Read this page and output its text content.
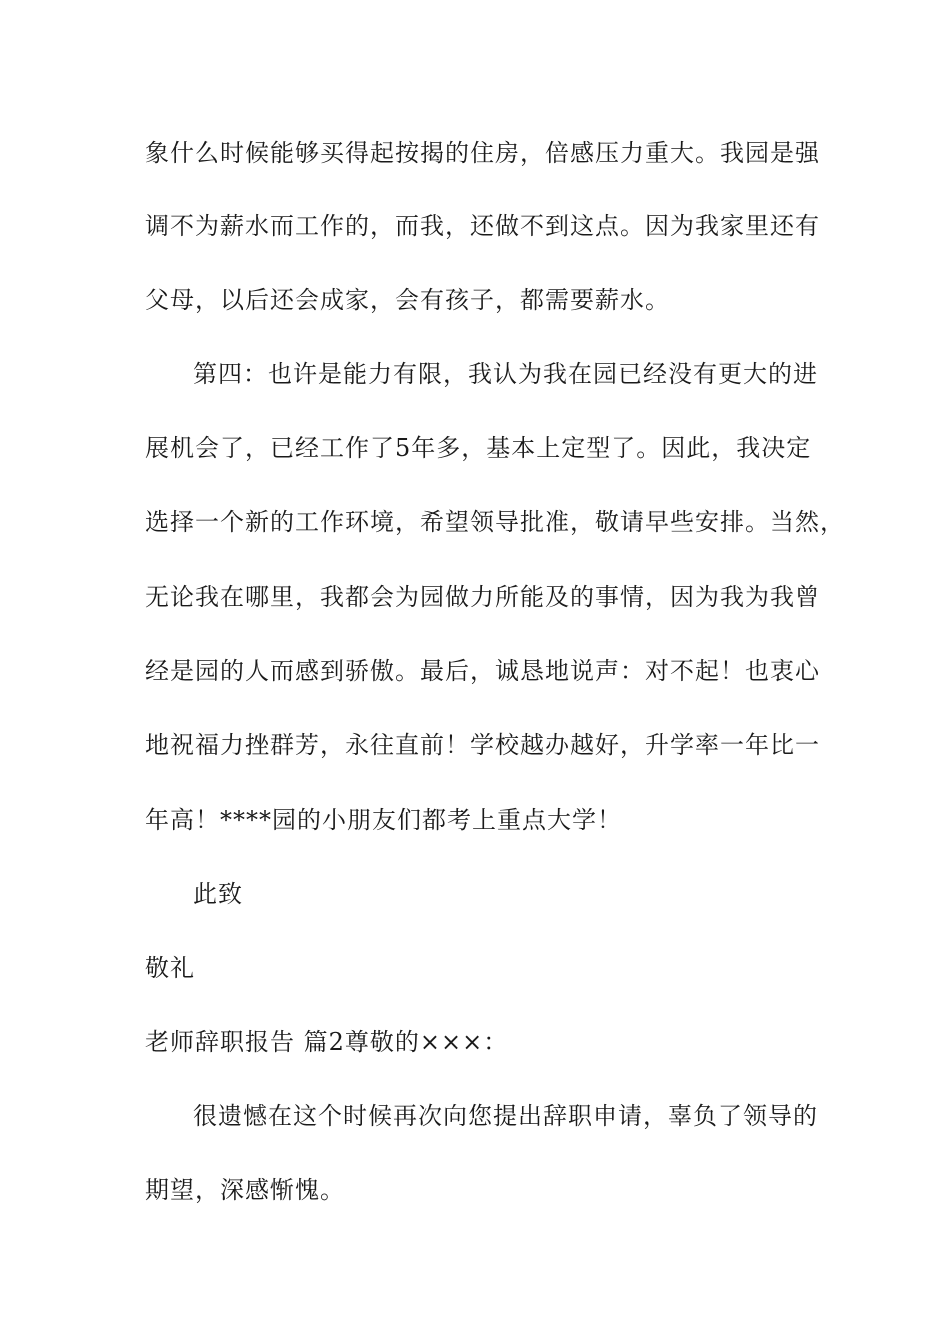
象什么时候能够买得起按揭的住房，倍感压力重大。我园是强
调不为薪水而工作的，而我，还做不到这点。因为我家里还有
父母，以后还会成家，会有孩子，都需要薪水。
第四：也许是能力有限，我认为我在园已经没有更大的进
展机会了，已经工作了5年多，基本上定型了。因此，我决定
选择一个新的工作环境，希望领导批准，敬请早些安排。当然，
无论我在哪里，我都会为园做力所能及的事情，因为我为我曾
经是园的人而感到骄傲。最后，诚恳地说声：对不起！也衷心
地祝福力挫群芳，永往直前！学校越办越好，升学率一年比一
年高！****园的小朋友们都考上重点大学！
此致
敬礼
老师辞职报告 篇2尊敬的×××：
很遗憾在这个时候再次向您提出辞职申请，辜负了领导的
期望，深感惭愧。
